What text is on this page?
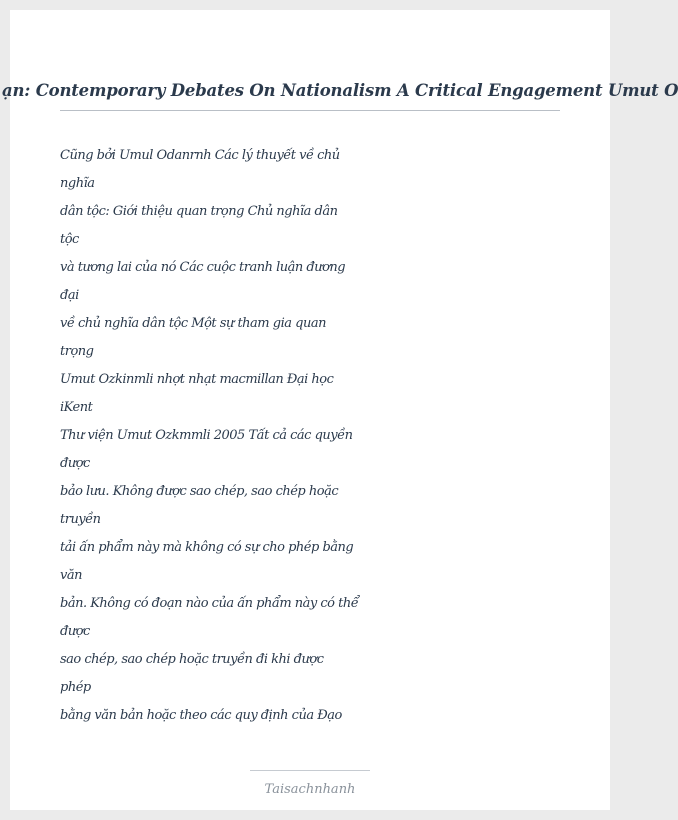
ạn: Contemporary Debates On Nationalism A Critical Engagement Umut O
Cũng bởi Umul Odanrnh Các lý thuyết về chủ
nghĩa
dân tộc: Giới thiệu quan trọng Chủ nghĩa dân
tộc
và tương lai của nó Các cuộc tranh luận đương
đại
về chủ nghĩa dân tộc Một sự tham gia quan
trọng
Umut Ozkinmli nhợt nhạt macmillan Đại học
iKent
Thư viện Umut Ozkmmli 2005 Tất cả các quyền
được
bảo lưu. Không được sao chép, sao chép hoặc
truyền
tải ấn phẩm này mà không có sự cho phép bằng
văn
bản. Không có đoạn nào của ấn phẩm này có thể
được
sao chép, sao chép hoặc truyền đi khi được
phép
bằng văn bản hoặc theo các quy định của Đạo
Taisachnhanh
